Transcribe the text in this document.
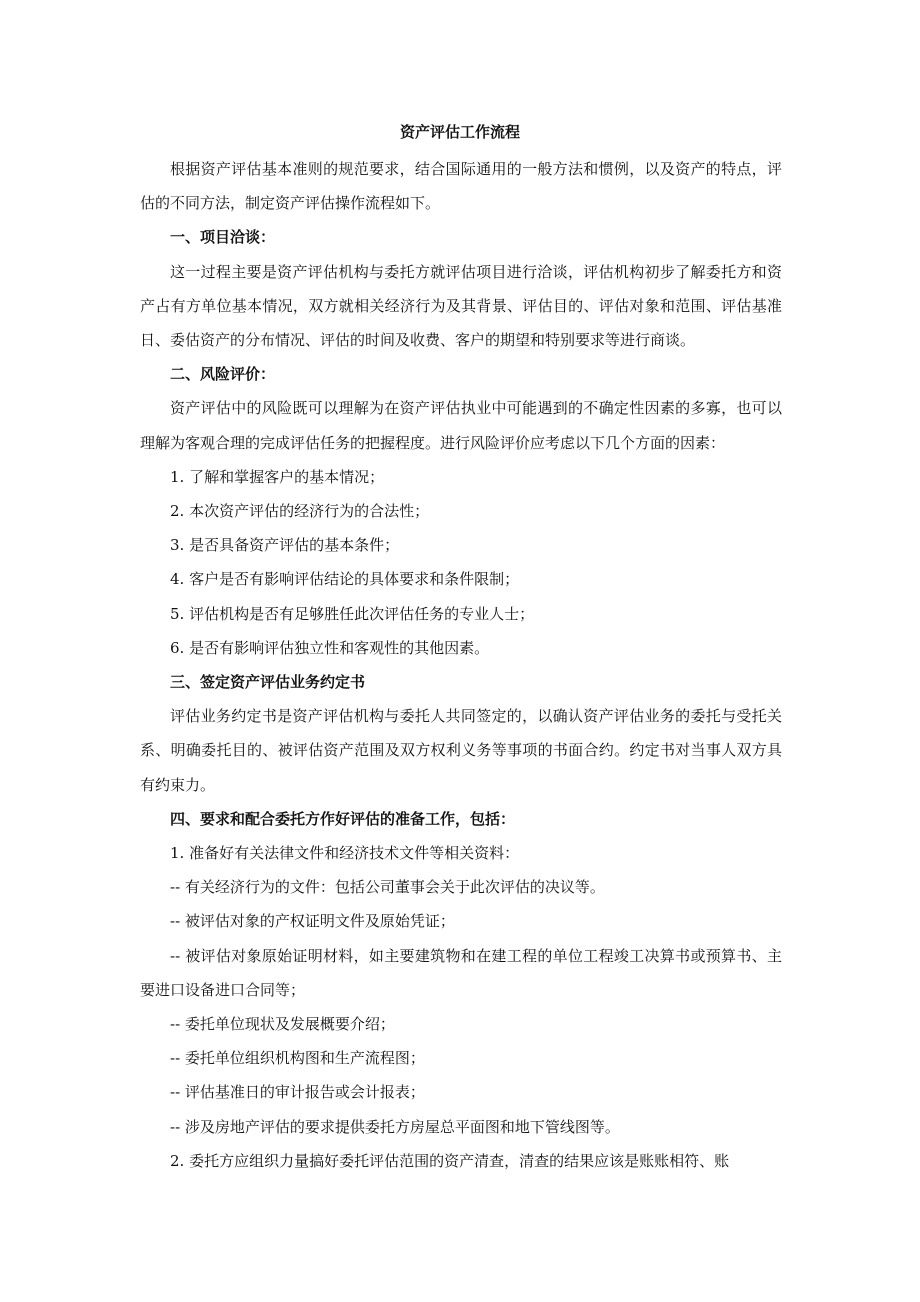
资产评估工作流程

根据资产评估基本准则的规范要求，结合国际通用的一般方法和惯例，以及资产的特点，评估的不同方法，制定资产评估操作流程如下。

一、项目洽谈：

这一过程主要是资产评估机构与委托方就评估项目进行洽谈，评估机构初步了解委托方和资产占有方单位基本情况，双方就相关经济行为及其背景、评估目的、评估对象和范围、评估基准日、委估资产的分布情况、评估的时间及收费、客户的期望和特别要求等进行商谈。

二、风险评价：

资产评估中的风险既可以理解为在资产评估执业中可能遇到的不确定性因素的多寡，也可以理解为客观合理的完成评估任务的把握程度。进行风险评价应考虑以下几个方面的因素：

1. 了解和掌握客户的基本情况；

2. 本次资产评估的经济行为的合法性；

3. 是否具备资产评估的基本条件；

4. 客户是否有影响评估结论的具体要求和条件限制；

5. 评估机构是否有足够胜任此次评估任务的专业人士；

6. 是否有影响评估独立性和客观性的其他因素。

三、签定资产评估业务约定书

评估业务约定书是资产评估机构与委托人共同签定的，以确认资产评估业务的委托与受托关系、明确委托目的、被评估资产范围及双方权利义务等事项的书面合约。约定书对当事人双方具有约束力。

四、要求和配合委托方作好评估的准备工作，包括：

1. 准备好有关法律文件和经济技术文件等相关资料：

-- 有关经济行为的文件：包括公司董事会关于此次评估的决议等。

-- 被评估对象的产权证明文件及原始凭证；

-- 被评估对象原始证明材料，如主要建筑物和在建工程的单位工程竣工决算书或预算书、主要进口设备进口合同等；

-- 委托单位现状及发展概要介绍；

-- 委托单位组织机构图和生产流程图；

-- 评估基准日的审计报告或会计报表；

-- 涉及房地产评估的要求提供委托方房屋总平面图和地下管线图等。

2. 委托方应组织力量搞好委托评估范围的资产清查，清查的结果应该是账账相符、账
